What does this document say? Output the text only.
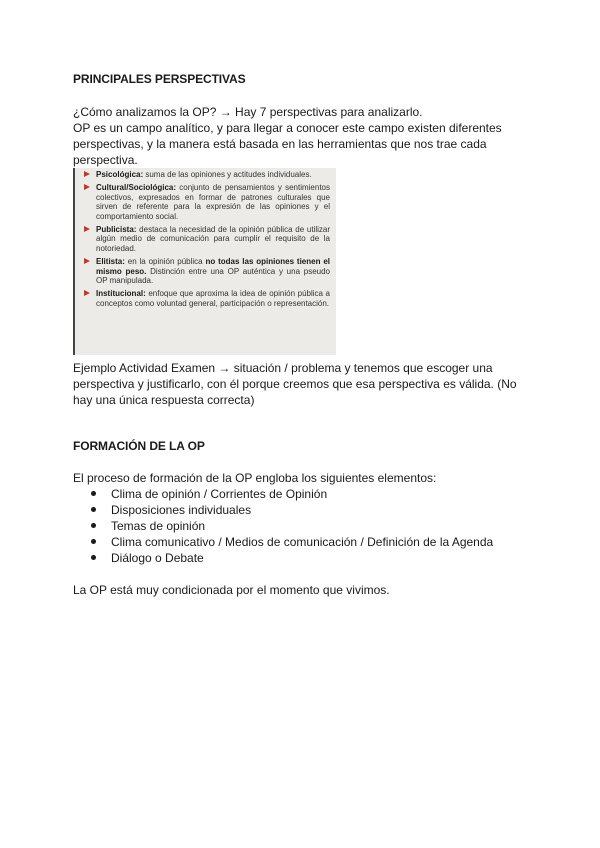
PRINCIPALES PERSPECTIVAS
¿Cómo analizamos la OP? → Hay 7 perspectivas para analizarlo.
OP es un campo analítico, y para llegar a conocer este campo existen diferentes
perspectivas, y la manera está basada en las herramientas que nos trae cada
perspectiva.
Psicológica: suma de las opiniones y actitudes individuales.
Cultural/Sociológica: conjunto de pensamientos y sentimientos colectivos, expresados en formar de patrones culturales que sirven de referente para la expresión de las opiniones y el comportamiento social.
Publicista: destaca la necesidad de la opinión pública de utilizar algún medio de comunicación para cumplir el requisito de la notoriedad.
Elitista: en la opinión pública no todas las opiniones tienen el mismo peso. Distinción entre una OP auténtica y una pseudo OP manipulada.
Institucional: enfoque que aproxima la idea de opinión pública a conceptos como voluntad general, participación o representación.
Ejemplo Actividad Examen → situación / problema y tenemos que escoger una
perspectiva y justificarlo, con él porque creemos que esa perspectiva es válida. (No
hay una única respuesta correcta)
FORMACIÓN DE LA OP
El proceso de formación de la OP engloba los siguientes elementos:
Clima de opinión / Corrientes de Opinión
Disposiciones individuales
Temas de opinión
Clima comunicativo / Medios de comunicación / Definición de la Agenda
Diálogo o Debate
La OP está muy condicionada por el momento que vivimos.
